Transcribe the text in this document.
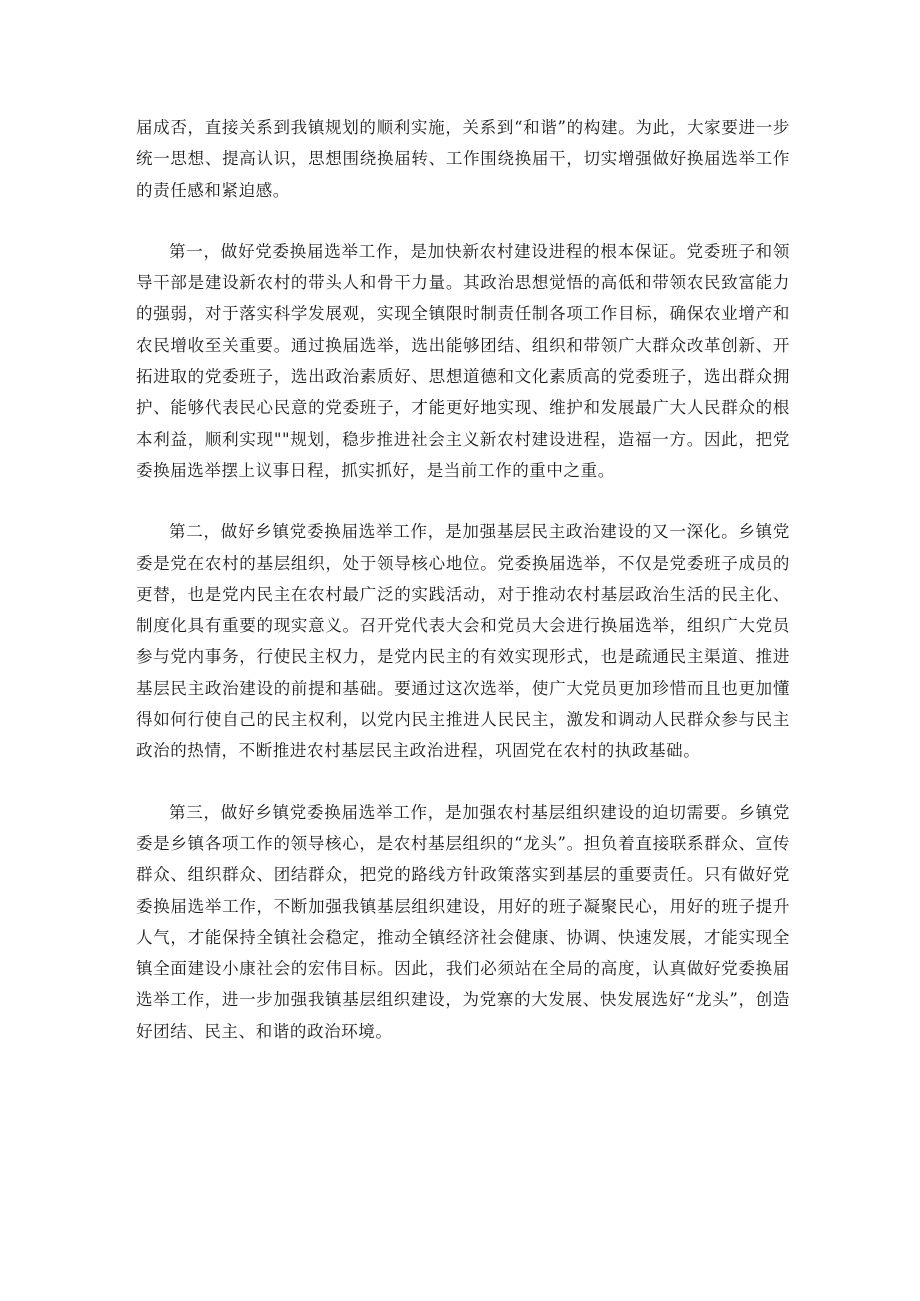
届成否，直接关系到我镇规划的顺利实施，关系到“和谐”的构建。为此，大家要进一步统一思想、提高认识，思想围绕换届转、工作围绕换届干，切实增强做好换届选举工作的责任感和紧迫感。

第一，做好党委换届选举工作，是加快新农村建设进程的根本保证。党委班子和领导干部是建设新农村的带头人和骨干力量。其政治思想觉悟的高低和带领农民致富能力的强弱，对于落实科学发展观，实现全镇限时制责任制各项工作目标，确保农业增产和农民增收至关重要。通过换届选举，选出能够团结、组织和带领广大群众改革创新、开拓进取的党委班子，选出政治素质好、思想道德和文化素质高的党委班子，选出群众拥护、能够代表民心民意的党委班子，才能更好地实现、维护和发展最广大人民群众的根本利益，顺利实现""规划，稳步推进社会主义新农村建设进程，造福一方。因此，把党委换届选举摆上议事日程，抓实抓好，是当前工作的重中之重。

第二，做好乡镇党委换届选举工作，是加强基层民主政治建设的又一深化。乡镇党委是党在农村的基层组织，处于领导核心地位。党委换届选举，不仅是党委班子成员的更替，也是党内民主在农村最广泛的实践活动，对于推动农村基层政治生活的民主化、制度化具有重要的现实意义。召开党代表大会和党员大会进行换届选举，组织广大党员参与党内事务，行使民主权力，是党内民主的有效实现形式，也是疏通民主渠道、推进基层民主政治建设的前提和基础。要通过这次选举，使广大党员更加珍惜而且也更加懂得如何行使自己的民主权利，以党内民主推进人民民主，激发和调动人民群众参与民主政治的热情，不断推进农村基层民主政治进程，巩固党在农村的执政基础。

第三，做好乡镇党委换届选举工作，是加强农村基层组织建设的迫切需要。乡镇党委是乡镇各项工作的领导核心，是农村基层组织的“龙头”。担负着直接联系群众、宣传群众、组织群众、团结群众，把党的路线方针政策落实到基层的重要责任。只有做好党委换届选举工作，不断加强我镇基层组织建设，用好的班子凝聚民心，用好的班子提升人气，才能保持全镇社会稳定，推动全镇经济社会健康、协调、快速发展，才能实现全镇全面建设小康社会的宏伟目标。因此，我们必须站在全局的高度，认真做好党委换届选举工作，进一步加强我镇基层组织建设，为党寨的大发展、快发展选好“龙头”，创造好团结、民主、和谐的政治环境。
